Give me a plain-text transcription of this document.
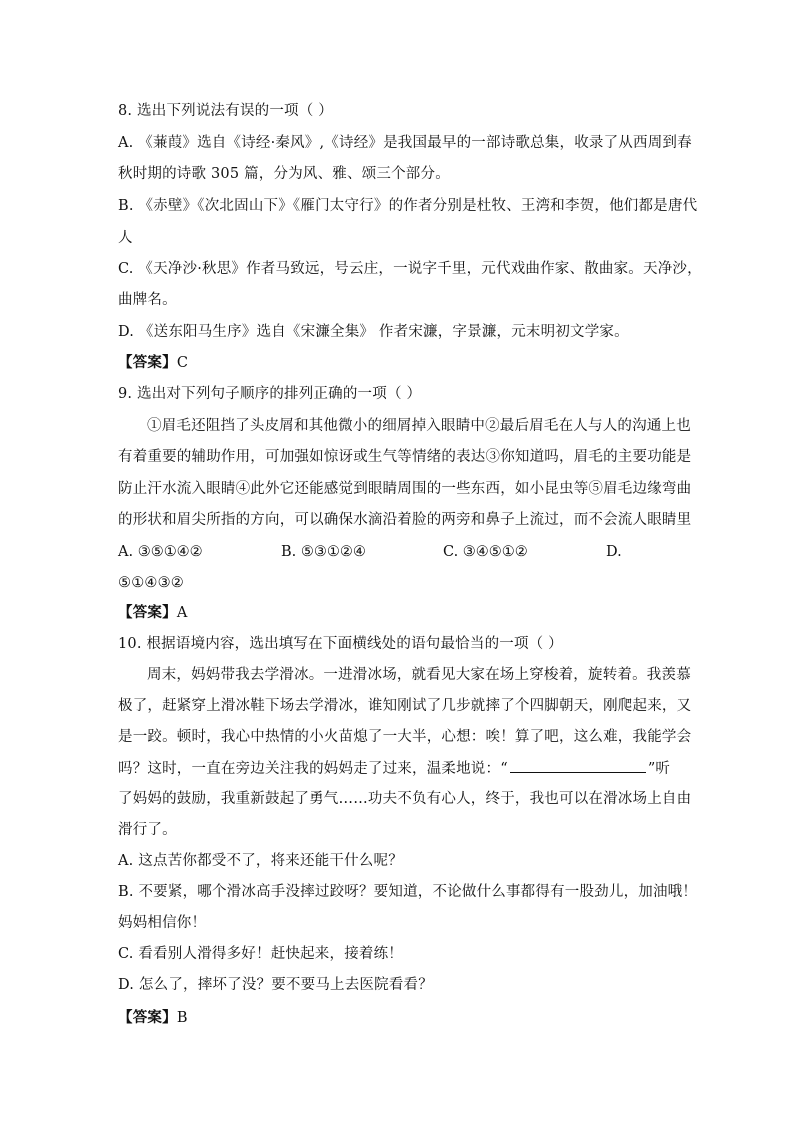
8. 选出下列说法有误的一项（ ）
A. 《蒹葭》选自《诗经·秦风》,《诗经》是我国最早的一部诗歌总集，收录了从西周到春
秋时期的诗歌 305 篇，分为风、雅、颂三个部分。
B. 《赤壁》《次北固山下》《雁门太守行》的作者分别是杜牧、王湾和李贺，他们都是唐代
人
C. 《天净沙·秋思》作者马致远，号云庄，一说字千里，元代戏曲作家、散曲家。天净沙，
曲牌名。
D. 《送东阳马生序》选自《宋濂全集》 作者宋濂，字景濂，元末明初文学家。
【答案】C
9. 选出对下列句子顺序的排列正确的一项（ ）
①眉毛还阻挡了头皮屑和其他微小的细屑掉入眼睛中②最后眉毛在人与人的沟通上也
有着重要的辅助作用，可加强如惊讶或生气等情绪的表达③你知道吗，眉毛的主要功能是
防止汗水流入眼睛④此外它还能感觉到眼睛周围的一些东西，如小昆虫等⑤眉毛边缘弯曲
的形状和眉尖所指的方向，可以确保水滴沿着脸的两旁和鼻子上流过，而不会流人眼睛里
A. ③⑤①④②	B. ⑤③①②④	C. ③④⑤①②	D.
⑤①④③②
【答案】A
10. 根据语境内容，选出填写在下面横线处的语句最恰当的一项（ ）
周末，妈妈带我去学滑冰。一进滑冰场，就看见大家在场上穿梭着，旋转着。我羡慕
极了，赶紧穿上滑冰鞋下场去学滑冰，谁知刚试了几步就摔了个四脚朝天，刚爬起来，又
是一跤。顿时，我心中热情的小火苗熄了一大半，心想：唉！算了吧，这么难，我能学会
吗？这时，一直在旁边关注我的妈妈走了过来，温柔地说：“	”听
了妈妈的鼓励，我重新鼓起了勇气……功夫不负有心人，终于，我也可以在滑冰场上自由
滑行了。
A. 这点苦你都受不了，将来还能干什么呢？
B. 不要紧，哪个滑冰高手没摔过跤呀？要知道，不论做什么事都得有一股劲儿，加油哦！
妈妈相信你！
C. 看看别人滑得多好！赶快起来，接着练！
D. 怎么了，摔坏了没？要不要马上去医院看看？
【答案】B
